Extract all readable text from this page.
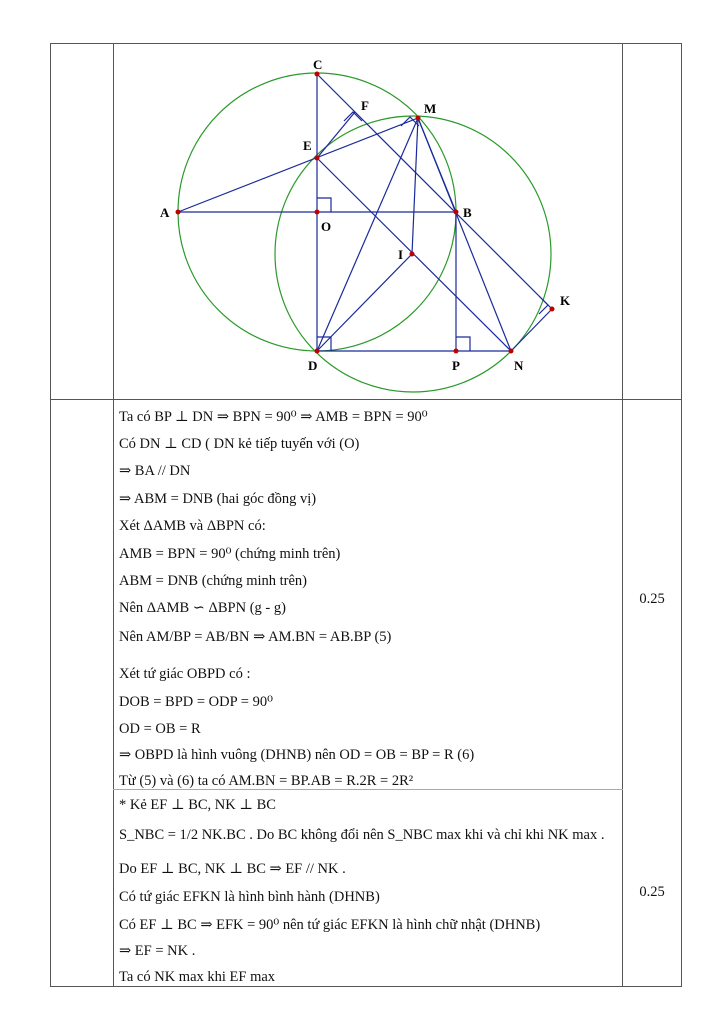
A	B
C
D
E
F	M
O
I
P	N
K
Ta có BP ⊥ DN ⇒ BPN = 90⁰ ⇒ AMB = BPN = 90⁰
Có DN ⊥ CD ( DN kẻ tiếp tuyến với (O)
⇒ BA // DN
⇒ ABM = DNB (hai góc đồng vị)
Xét ΔAMB và ΔBPN có:
AMB = BPN = 90⁰ (chứng minh trên)
ABM = DNB (chứng minh trên)
Nên ΔAMB ∽ ΔBPN (g - g)
Nên AM/BP = AB/BN ⇒ AM.BN = AB.BP (5)
Xét tứ giác OBPD có :
DOB = BPD = ODP = 90⁰
OD = OB = R
⇒ OBPD là hình vuông (DHNB) nên OD = OB = BP = R (6)
Từ (5) và (6) ta có AM.BN = BP.AB = R.2R = 2R²
0.25
* Kẻ EF ⊥ BC, NK ⊥ BC
S_NBC = 1/2 NK.BC . Do BC không đổi nên S_NBC max khi và chỉ khi NK max .
Do EF ⊥ BC, NK ⊥ BC ⇒ EF // NK .
Có tứ giác EFKN là hình bình hành (DHNB)
Có EF ⊥ BC ⇒ EFK = 90⁰ nên tứ giác EFKN là hình chữ nhật (DHNB)
⇒ EF = NK .
Ta có NK max khi EF max
0.25
